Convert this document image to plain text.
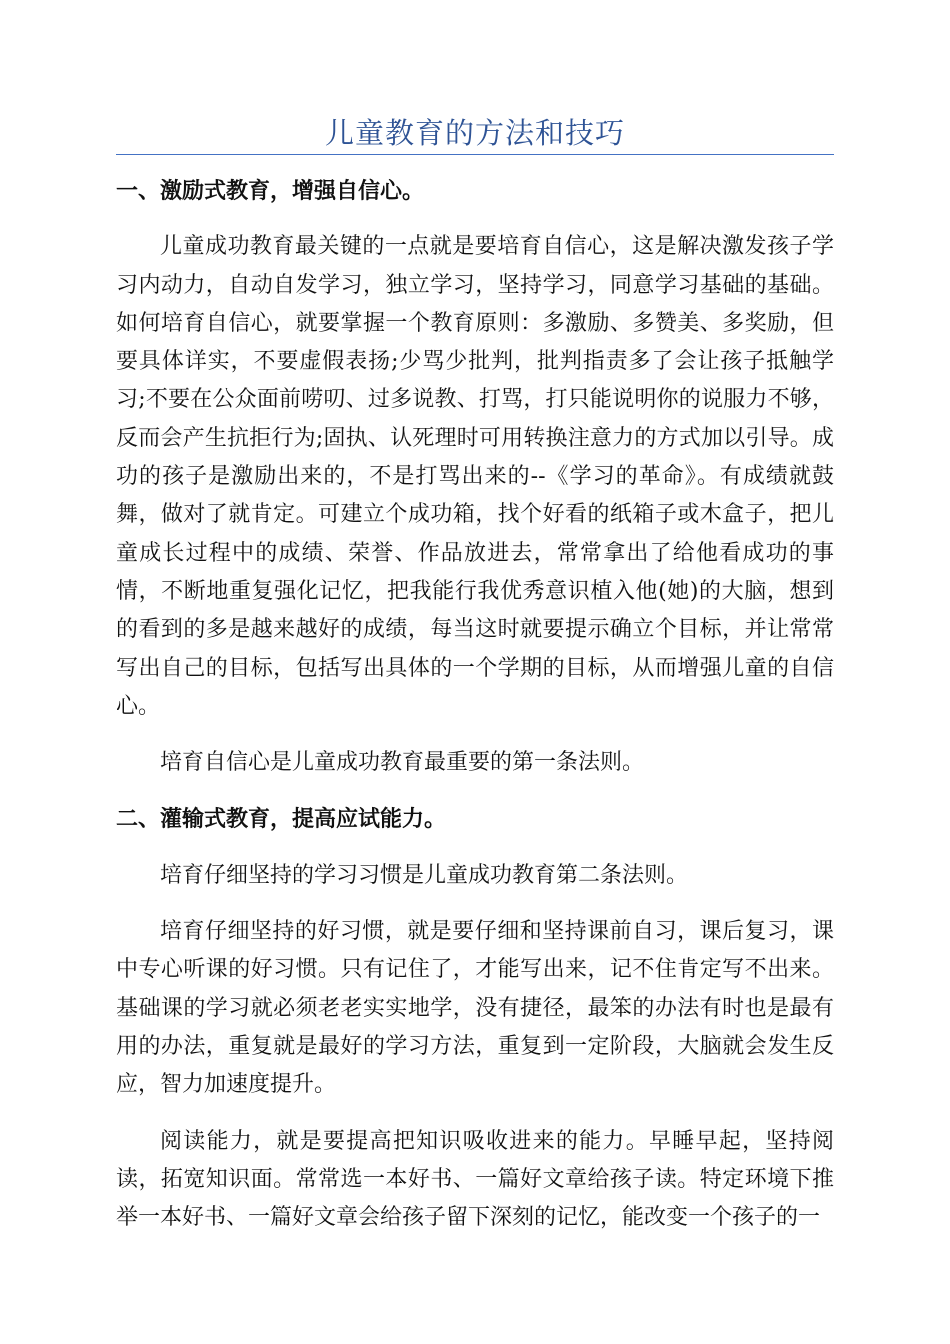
儿童教育的方法和技巧

一、激励式教育，增强自信心。

儿童成功教育最关键的一点就是要培育自信心，这是解决激发孩子学习内动力，自动自发学习，独立学习，坚持学习，同意学习基础的基础。如何培育自信心，就要掌握一个教育原则：多激励、多赞美、多奖励，但要具体详实，不要虚假表扬;少骂少批判，批判指责多了会让孩子抵触学习;不要在公众面前唠叨、过多说教、打骂，打只能说明你的说服力不够，反而会产生抗拒行为;固执、认死理时可用转换注意力的方式加以引导。成功的孩子是激励出来的，不是打骂出来的--《学习的革命》。有成绩就鼓舞，做对了就肯定。可建立个成功箱，找个好看的纸箱子或木盒子，把儿童成长过程中的成绩、荣誉、作品放进去，常常拿出了给他看成功的事情，不断地重复强化记忆，把我能行我优秀意识植入他(她)的大脑，想到的看到的多是越来越好的成绩，每当这时就要提示确立个目标，并让常常写出自己的目标，包括写出具体的一个学期的目标，从而增强儿童的自信心。

培育自信心是儿童成功教育最重要的第一条法则。

二、灌输式教育，提高应试能力。

培育仔细坚持的学习习惯是儿童成功教育第二条法则。

培育仔细坚持的好习惯，就是要仔细和坚持课前自习，课后复习，课中专心听课的好习惯。只有记住了，才能写出来，记不住肯定写不出来。基础课的学习就必须老老实实地学，没有捷径，最笨的办法有时也是最有用的办法，重复就是最好的学习方法，重复到一定阶段，大脑就会发生反应，智力加速度提升。

阅读能力，就是要提高把知识吸收进来的能力。早睡早起，坚持阅读，拓宽知识面。常常选一本好书、一篇好文章给孩子读。特定环境下推举一本好书、一篇好文章会给孩子留下深刻的记忆，能改变一个孩子的一
